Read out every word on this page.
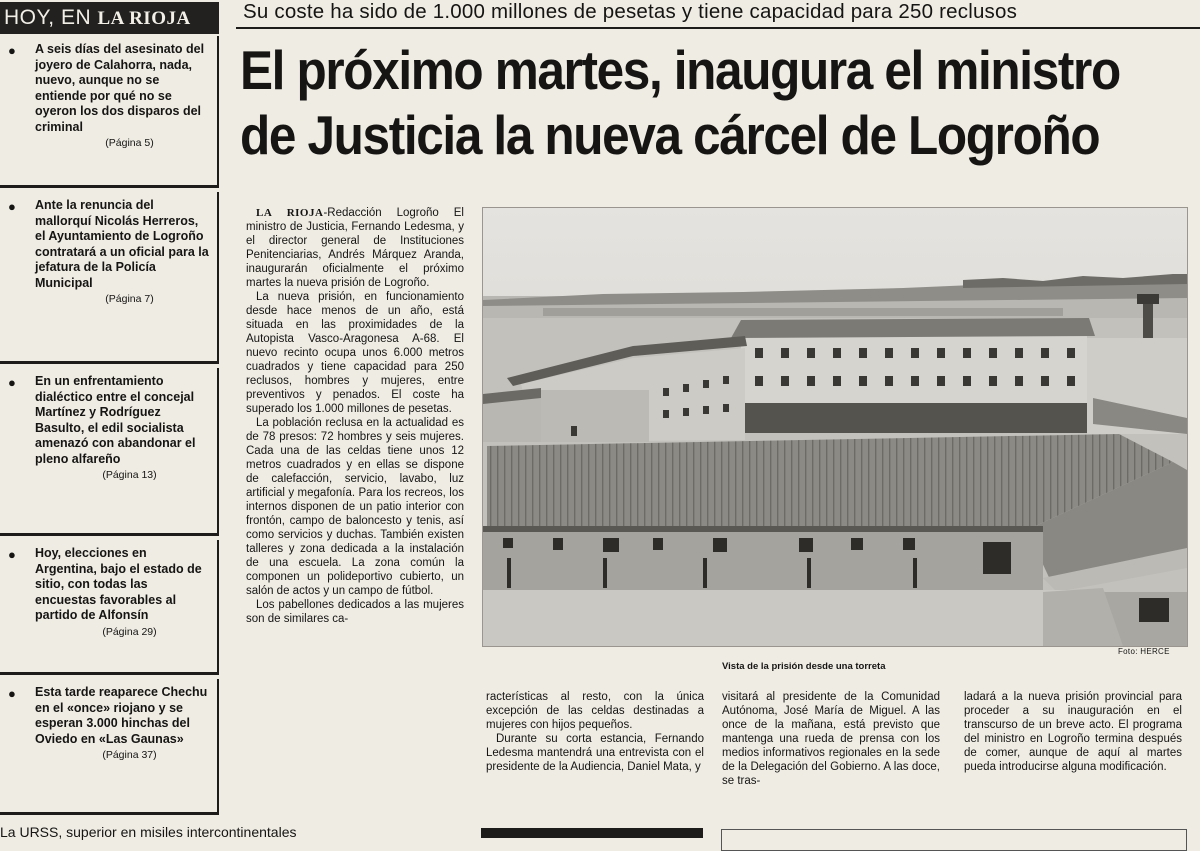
HOY, EN LA RIOJA
●	A seis días del asesinato del joyero de Calahorra, nada, nuevo, aunque no se entiende por qué no se oyeron los dos disparos del criminal
(Página 5)
●	Ante la renuncia del mallorquí Nicolás Herreros, el Ayuntamiento de Logroño contratará a un oficial para la jefatura de la Policía Municipal
(Página 7)
●	En un enfrentamiento dialéctico entre el concejal Martínez y Rodríguez Basulto, el edil socialista amenazó con abandonar el pleno alfareño
(Página 13)
●	Hoy, elecciones en Argentina, bajo el estado de sitio, con todas las encuestas favorables al partido de Alfonsín
(Página 29)
●	Esta tarde reaparece Chechu en el «once» riojano y se esperan 3.000 hinchas del Oviedo en «Las Gaunas»
(Página 37)
Su coste ha sido de 1.000 millones de pesetas y tiene capacidad para 250 reclusos
El próximo martes, inaugura el ministro
de Justicia la nueva cárcel de Logroño

LA RIOJA-Redacción Logroño El ministro de Justicia, Fernando Ledesma, y el director general de Instituciones Penitenciarias, Andrés Márquez Aranda, inaugurarán oficialmente el próximo martes la nueva prisión de Logroño.

La nueva prisión, en funcionamiento desde hace menos de un año, está situada en las proximidades de la Autopista Vasco-Aragonesa A-68. El nuevo recinto ocupa unos 6.000 metros cuadrados y tiene capacidad para 250 reclusos, hombres y mujeres, entre preventivos y penados. El coste ha superado los 1.000 millones de pesetas.

La población reclusa en la actualidad es de 78 presos: 72 hombres y seis mujeres. Cada una de las celdas tiene unos 12 metros cuadrados y en ellas se dispone de calefacción, servicio, lavabo, luz artificial y megafonía. Para los recreos, los internos disponen de un patio interior con frontón, campo de baloncesto y tenis, así como servicios y duchas. También existen talleres y zona dedicada a la instalación de una escuela. La zona común la componen un polideportivo cubierto, un salón de actos y un campo de fútbol.

Los pabellones dedicados a las mujeres son de similares ca-

Foto: HERCE
Vista de la prisión desde una torreta

racterísticas al resto, con la única excepción de las celdas destinadas a mujeres con hijos pequeños.

Durante su corta estancia, Fernando Ledesma mantendrá una entrevista con el presidente de la Audiencia, Daniel Mata, y

visitará al presidente de la Comunidad Autónoma, José María de Miguel. A las once de la mañana, está previsto que mantenga una rueda de prensa con los medios informativos regionales en la sede de la Delegación del Gobierno. A las doce, se tras-

ladará a la nueva prisión provincial para proceder a su inauguración en el transcurso de un breve acto. El programa del ministro en Logroño termina después de comer, aunque de aquí al martes pueda introducirse alguna modificación.

La URSS, superior en misiles intercontinentales
